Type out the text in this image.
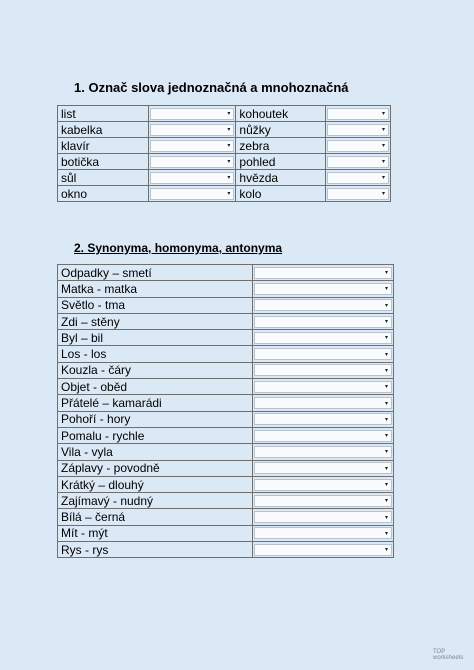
1. Označ slova jednoznačná a mnohoznačná
list	▾	kohoutek	▾

kabelka	▾	nůžky	▾

klavír	▾	zebra	▾

botička	▾	pohled	▾

sůl	▾	hvězda	▾

okno	▾	kolo	▾
2. Synonyma, homonyma, antonyma
Odpadky – smetí	▾

Matka - matka	▾

Světlo - tma	▾

Zdi – stěny	▾

Byl – bil	▾

Los - los	▾

Kouzla - čáry	▾

Objet - oběd	▾

Přátelé – kamarádi	▾

Pohoří - hory	▾

Pomalu - rychle	▾

Vila - vyla	▾

Záplavy - povodně	▾

Krátký – dlouhý	▾

Zajímavý - nudný	▾

Bílá – černá	▾

Mít - mýt	▾

Rys - rys	▾
TOP
worksheets
